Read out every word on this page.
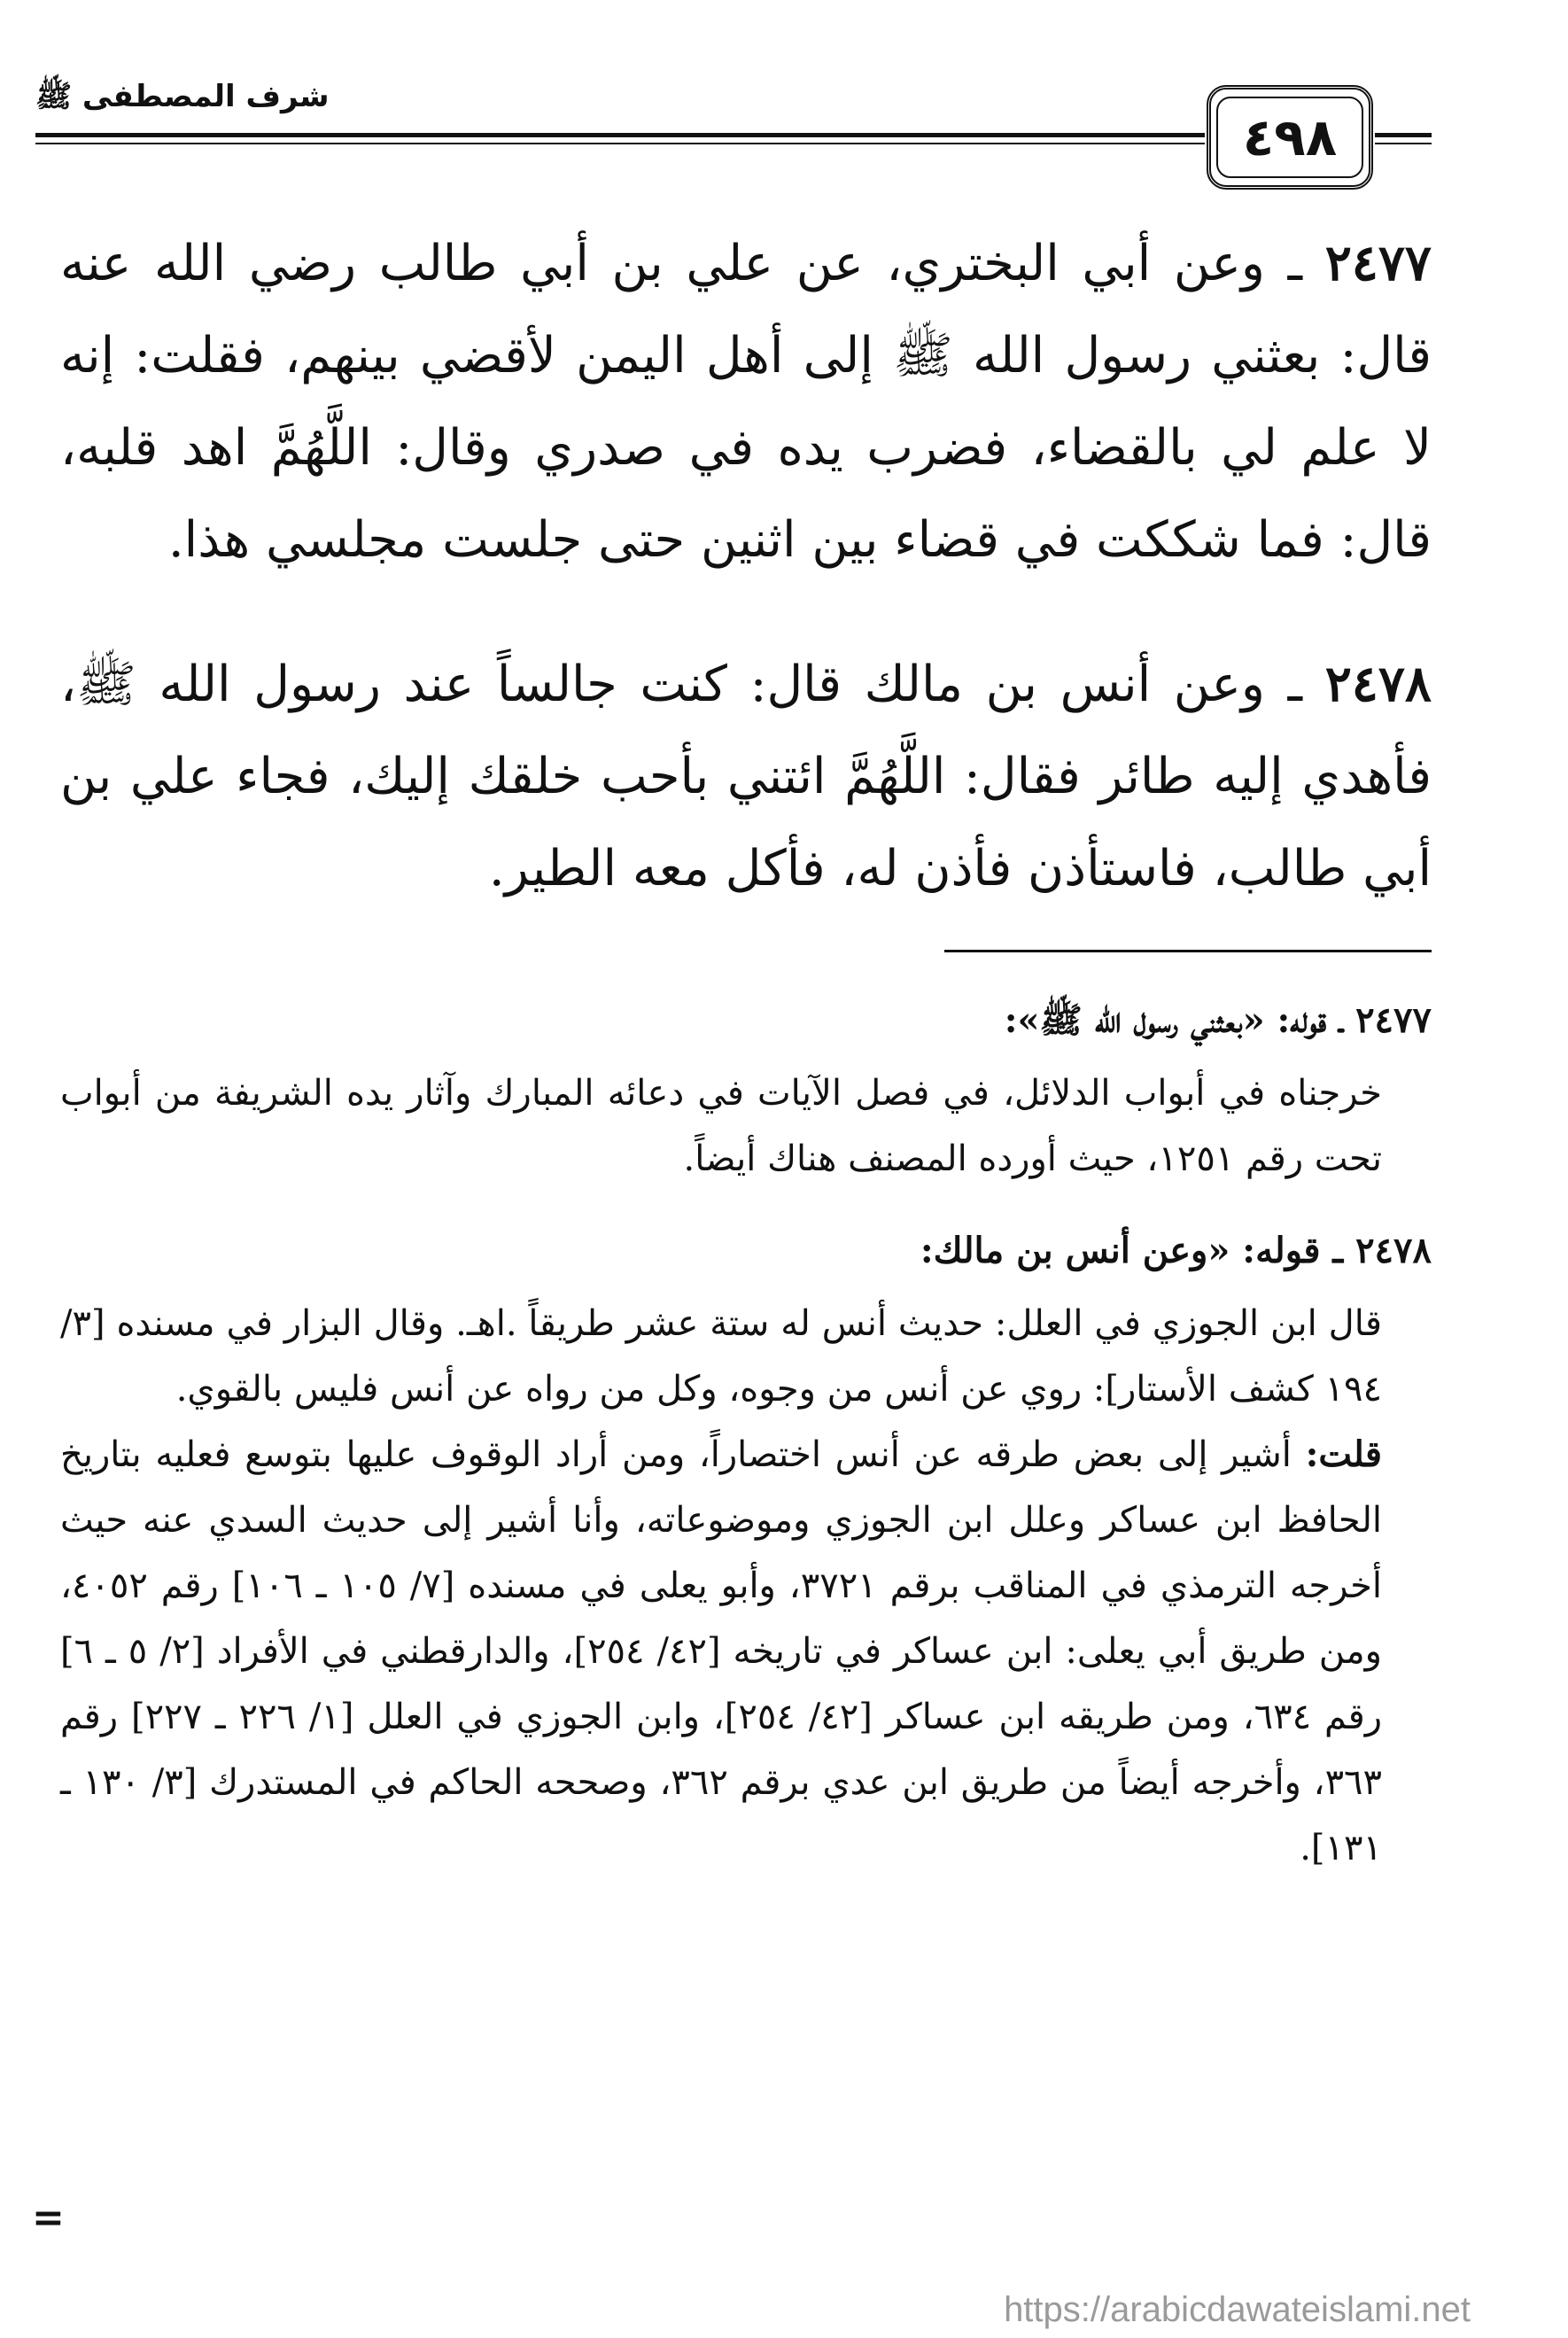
شرف المصطفى ﷺ
٤٩٨

٢٤٧٧ ـ وعن أبي البختري، عن علي بن أبي طالب رضي الله عنه قال: بعثني رسول الله ﷺ إلى أهل اليمن لأقضي بينهم، فقلت: إنه لا علم لي بالقضاء، فضرب يده في صدري وقال: اللَّهُمَّ اهد قلبه، قال: فما شككت في قضاء بين اثنين حتى جلست مجلسي هذا.

٢٤٧٨ ـ وعن أنس بن مالك قال: كنت جالساً عند رسول الله ﷺ، فأهدي إليه طائر فقال: اللَّهُمَّ ائتني بأحب خلقك إليك، فجاء علي بن أبي طالب، فاستأذن فأذن له، فأكل معه الطير.

٢٤٧٧ ـ قوله: «بعثني رسول الله ﷺ»:

خرجناه في أبواب الدلائل، في فصل الآيات في دعائه المبارك وآثار يده الشريفة من أبواب تحت رقم ١٢٥١، حيث أورده المصنف هناك أيضاً.

٢٤٧٨ ـ قوله: «وعن أنس بن مالك:

قال ابن الجوزي في العلل: حديث أنس له ستة عشر طريقاً .اهـ. وقال البزار في مسنده [٣/ ١٩٤ كشف الأستار]: روي عن أنس من وجوه، وكل من رواه عن أنس فليس بالقوي.

قلت: أشير إلى بعض طرقه عن أنس اختصاراً، ومن أراد الوقوف عليها بتوسع فعليه بتاريخ الحافظ ابن عساكر وعلل ابن الجوزي وموضوعاته، وأنا أشير إلى حديث السدي عنه حيث أخرجه الترمذي في المناقب برقم ٣٧٢١، وأبو يعلى في مسنده [٧/ ١٠٥ ـ ١٠٦] رقم ٤٠٥٢، ومن طريق أبي يعلى: ابن عساكر في تاريخه [٤٢/ ٢٥٤]، والدارقطني في الأفراد [٢/ ٥ ـ ٦] رقم ٦٣٤، ومن طريقه ابن عساكر [٤٢/ ٢٥٤]، وابن الجوزي في العلل [١/ ٢٢٦ ـ ٢٢٧] رقم ٣٦٣، وأخرجه أيضاً من طريق ابن عدي برقم ٣٦٢، وصححه الحاكم في المستدرك [٣/ ١٣٠ ـ ١٣١].

=
https://arabicdawateislami.net
